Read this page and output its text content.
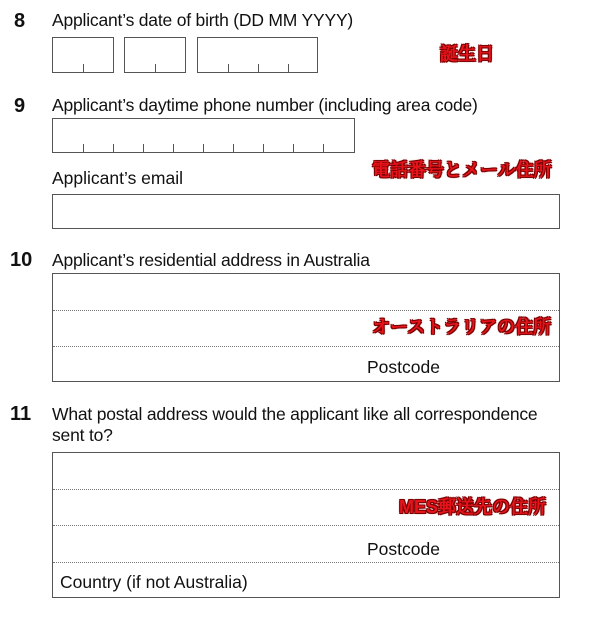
8 Applicant’s date of birth (DD MM YYYY)
誕生日
9 Applicant’s daytime phone number (including area code)
電話番号とメール住所
Applicant’s email
10 Applicant’s residential address in Australia
Postcode
オーストラリアの住所
11 What postal address would the applicant like all correspondence
sent to?
Postcode
Country (if not Australia)
MES郵送先の住所
